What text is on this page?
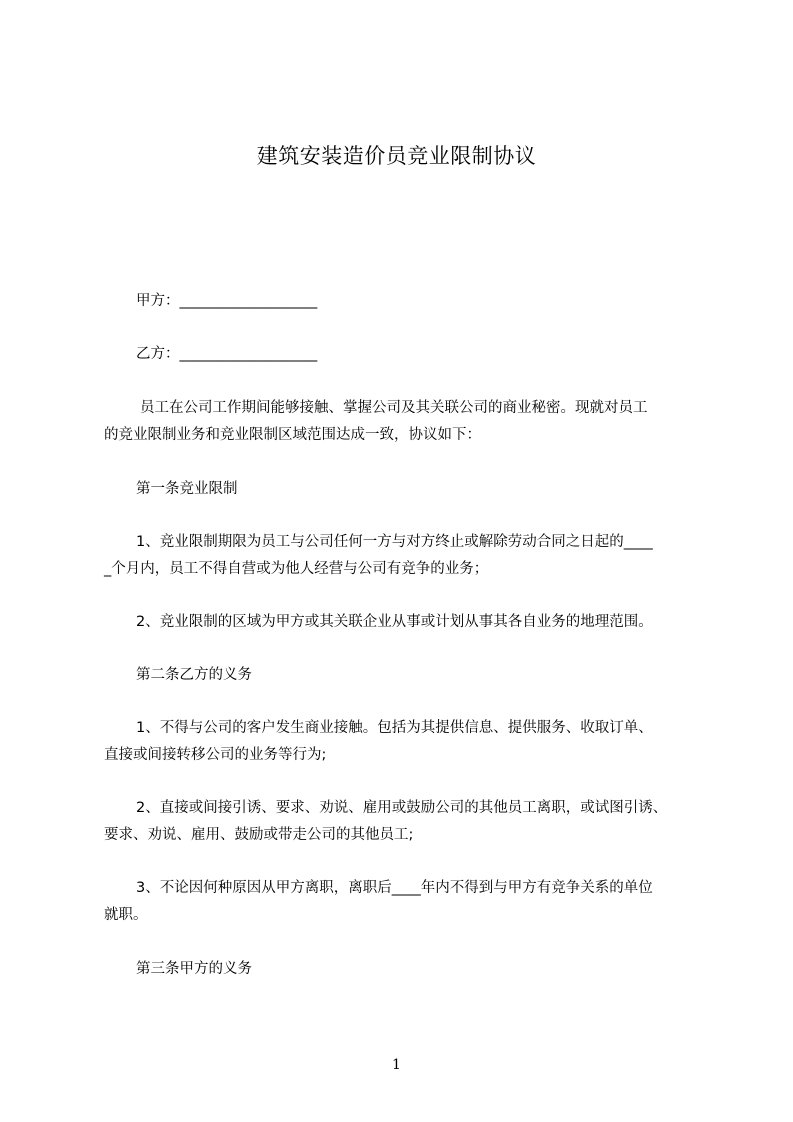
建筑安装造价员竞业限制协议

甲方：___________________

乙方：___________________

员工在公司工作期间能够接触、掌握公司及其关联公司的商业秘密。现就对员工

的竞业限制业务和竞业限制区域范围达成一致，协议如下：

第一条竞业限制

1、竞业限制期限为员工与公司任何一方与对方终止或解除劳动合同之日起的____

_个月内，员工不得自营或为他人经营与公司有竞争的业务；

2、竞业限制的区域为甲方或其关联企业从事或计划从事其各自业务的地理范围。

第二条乙方的义务

1、不得与公司的客户发生商业接触。包括为其提供信息、提供服务、收取订单、

直接或间接转移公司的业务等行为;

2、直接或间接引诱、要求、劝说、雇用或鼓励公司的其他员工离职，或试图引诱、

要求、劝说、雇用、鼓励或带走公司的其他员工;

3、不论因何种原因从甲方离职，离职后____年内不得到与甲方有竞争关系的单位

就职。

第三条甲方的义务

1
